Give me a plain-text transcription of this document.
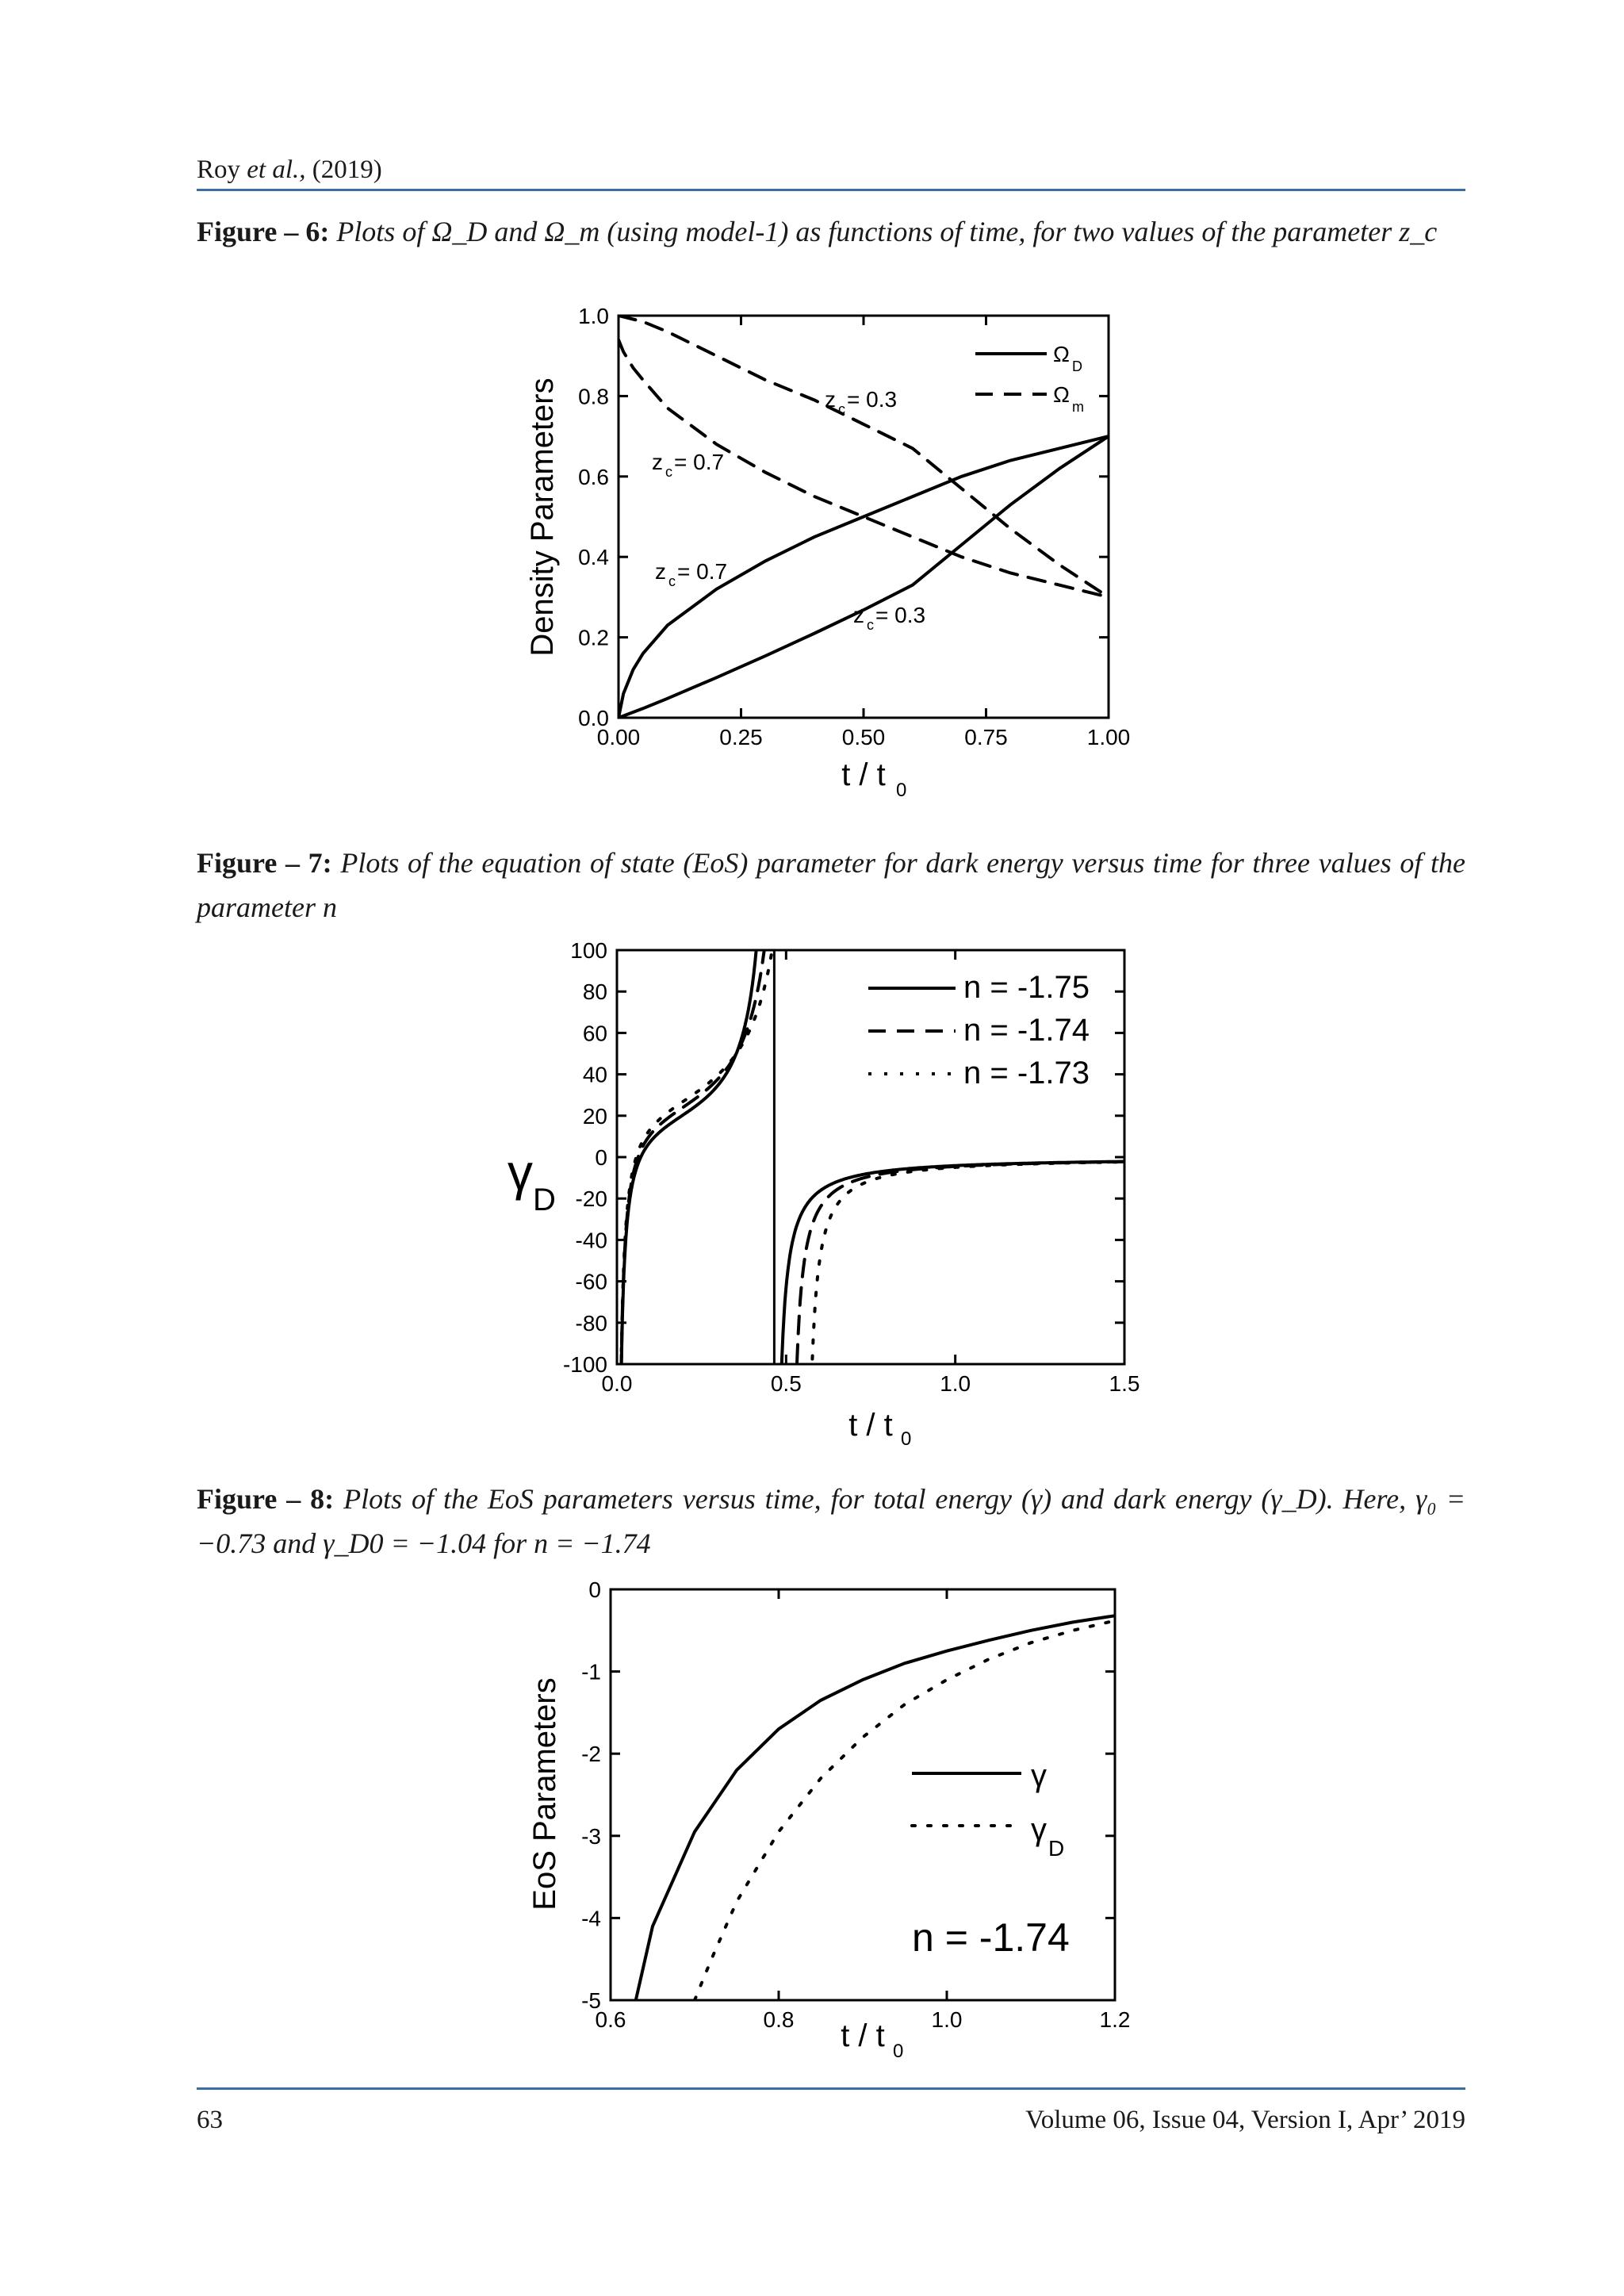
Roy et al., (2019)
Figure – 6: Plots of Ω_D and Ω_m (using model-1) as functions of time, for two values of the parameter z_c
Figure – 7: Plots of the equation of state (EoS) parameter for dark energy versus time for three values of the parameter n
Figure – 8: Plots of the EoS parameters versus time, for total energy (γ) and dark energy (γ_D). Here, γ₀ = −0.73 and γ_D0 = −1.04 for n = −1.74
0.00	0.25	0.50	0.75	1.00
0.0
0.2
0.4
0.6
0.8
1.0
t / t 0
Density Parameters	z c = 0.3
z c = 0.7
z c = 0.7
z c = 0.3
Ω D
Ω m
0.0	0.5	1.0	1.5
-100
-80
-60
-40
-20
0
20
40
60
80
100
t / t 0
γ D
n = -1.75
n = -1.74
n = -1.73
0.6	0.8	1.0	1.2
0
-1
-2
-3
-4
-5
t / t 0
EoS Parameters	γ
γ
D
n = -1.74
63	Volume 06, Issue 04, Version I, Apr’ 2019
